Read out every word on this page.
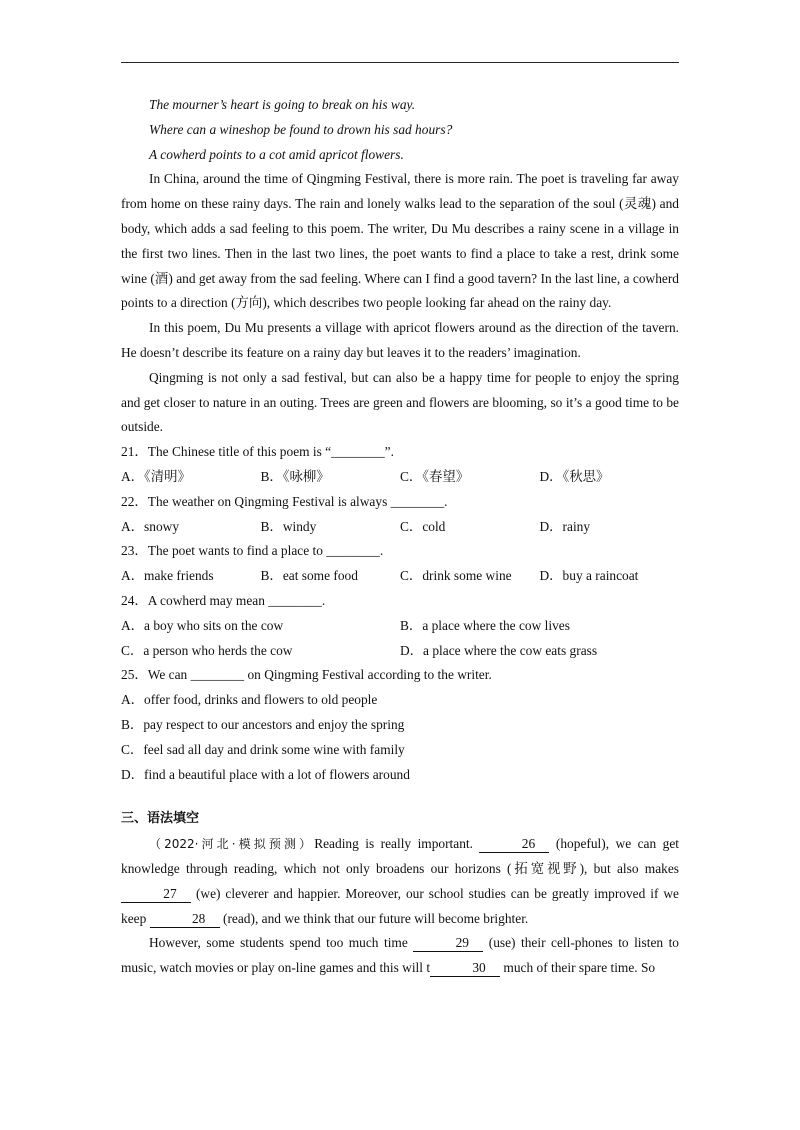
The mourner’s heart is going to break on his way.
Where can a wineshop be found to drown his sad hours?
A cowherd points to a cot amid apricot flowers.
In China, around the time of Qingming Festival, there is more rain. The poet is traveling far away from home on these rainy days. The rain and lonely walks lead to the separation of the soul (灵魂) and body, which adds a sad feeling to this poem. The writer, Du Mu describes a rainy scene in a village in the first two lines. Then in the last two lines, the poet wants to find a place to take a rest, drink some wine (酒) and get away from the sad feeling. Where can I find a good tavern? In the last line, a cowherd points to a direction (方向), which describes two people looking far ahead on the rainy day.
In this poem, Du Mu presents a village with apricot flowers around as the direction of the tavern. He doesn’t describe its feature on a rainy day but leaves it to the readers’ imagination.
Qingming is not only a sad festival, but can also be a happy time for people to enjoy the spring and get closer to nature in an outing. Trees are green and flowers are blooming, so it’s a good time to be outside.
21．The Chinese title of this poem is “________”.
A．《清明》	B．《咏柳》	C．《春望》	D．《秋思》
22．The weather on Qingming Festival is always ________.
A．snowy	B．windy	C．cold	D．rainy
23．The poet wants to find a place to ________.
A．make friends	B．eat some food	C．drink some wine	D．buy a raincoat
24．A cowherd may mean ________.
A．a boy who sits on the cow	B．a place where the cow lives
C．a person who herds the cow	D．a place where the cow eats grass
25．We can ________ on Qingming Festival according to the writer.
A．offer food, drinks and flowers to old people
B．pay respect to our ancestors and enjoy the spring
C．feel sad all day and drink some wine with family
D．find a beautiful place with a lot of flowers around
三、语法填空
（2022·河北·模拟预测）Reading is really important.	26 (hopeful), we can get knowledge through reading, which not only broadens our horizons (拓宽视野), but also makes 27 (we) cleverer and happier. Moreover, our school studies can be greatly improved if we keep	28 (read), and we think that our future will become brighter.
However, some students spend too much time	29 (use) their cell-phones to listen to music, watch movies or play on-line games and this will t	30 much of their spare time. So
